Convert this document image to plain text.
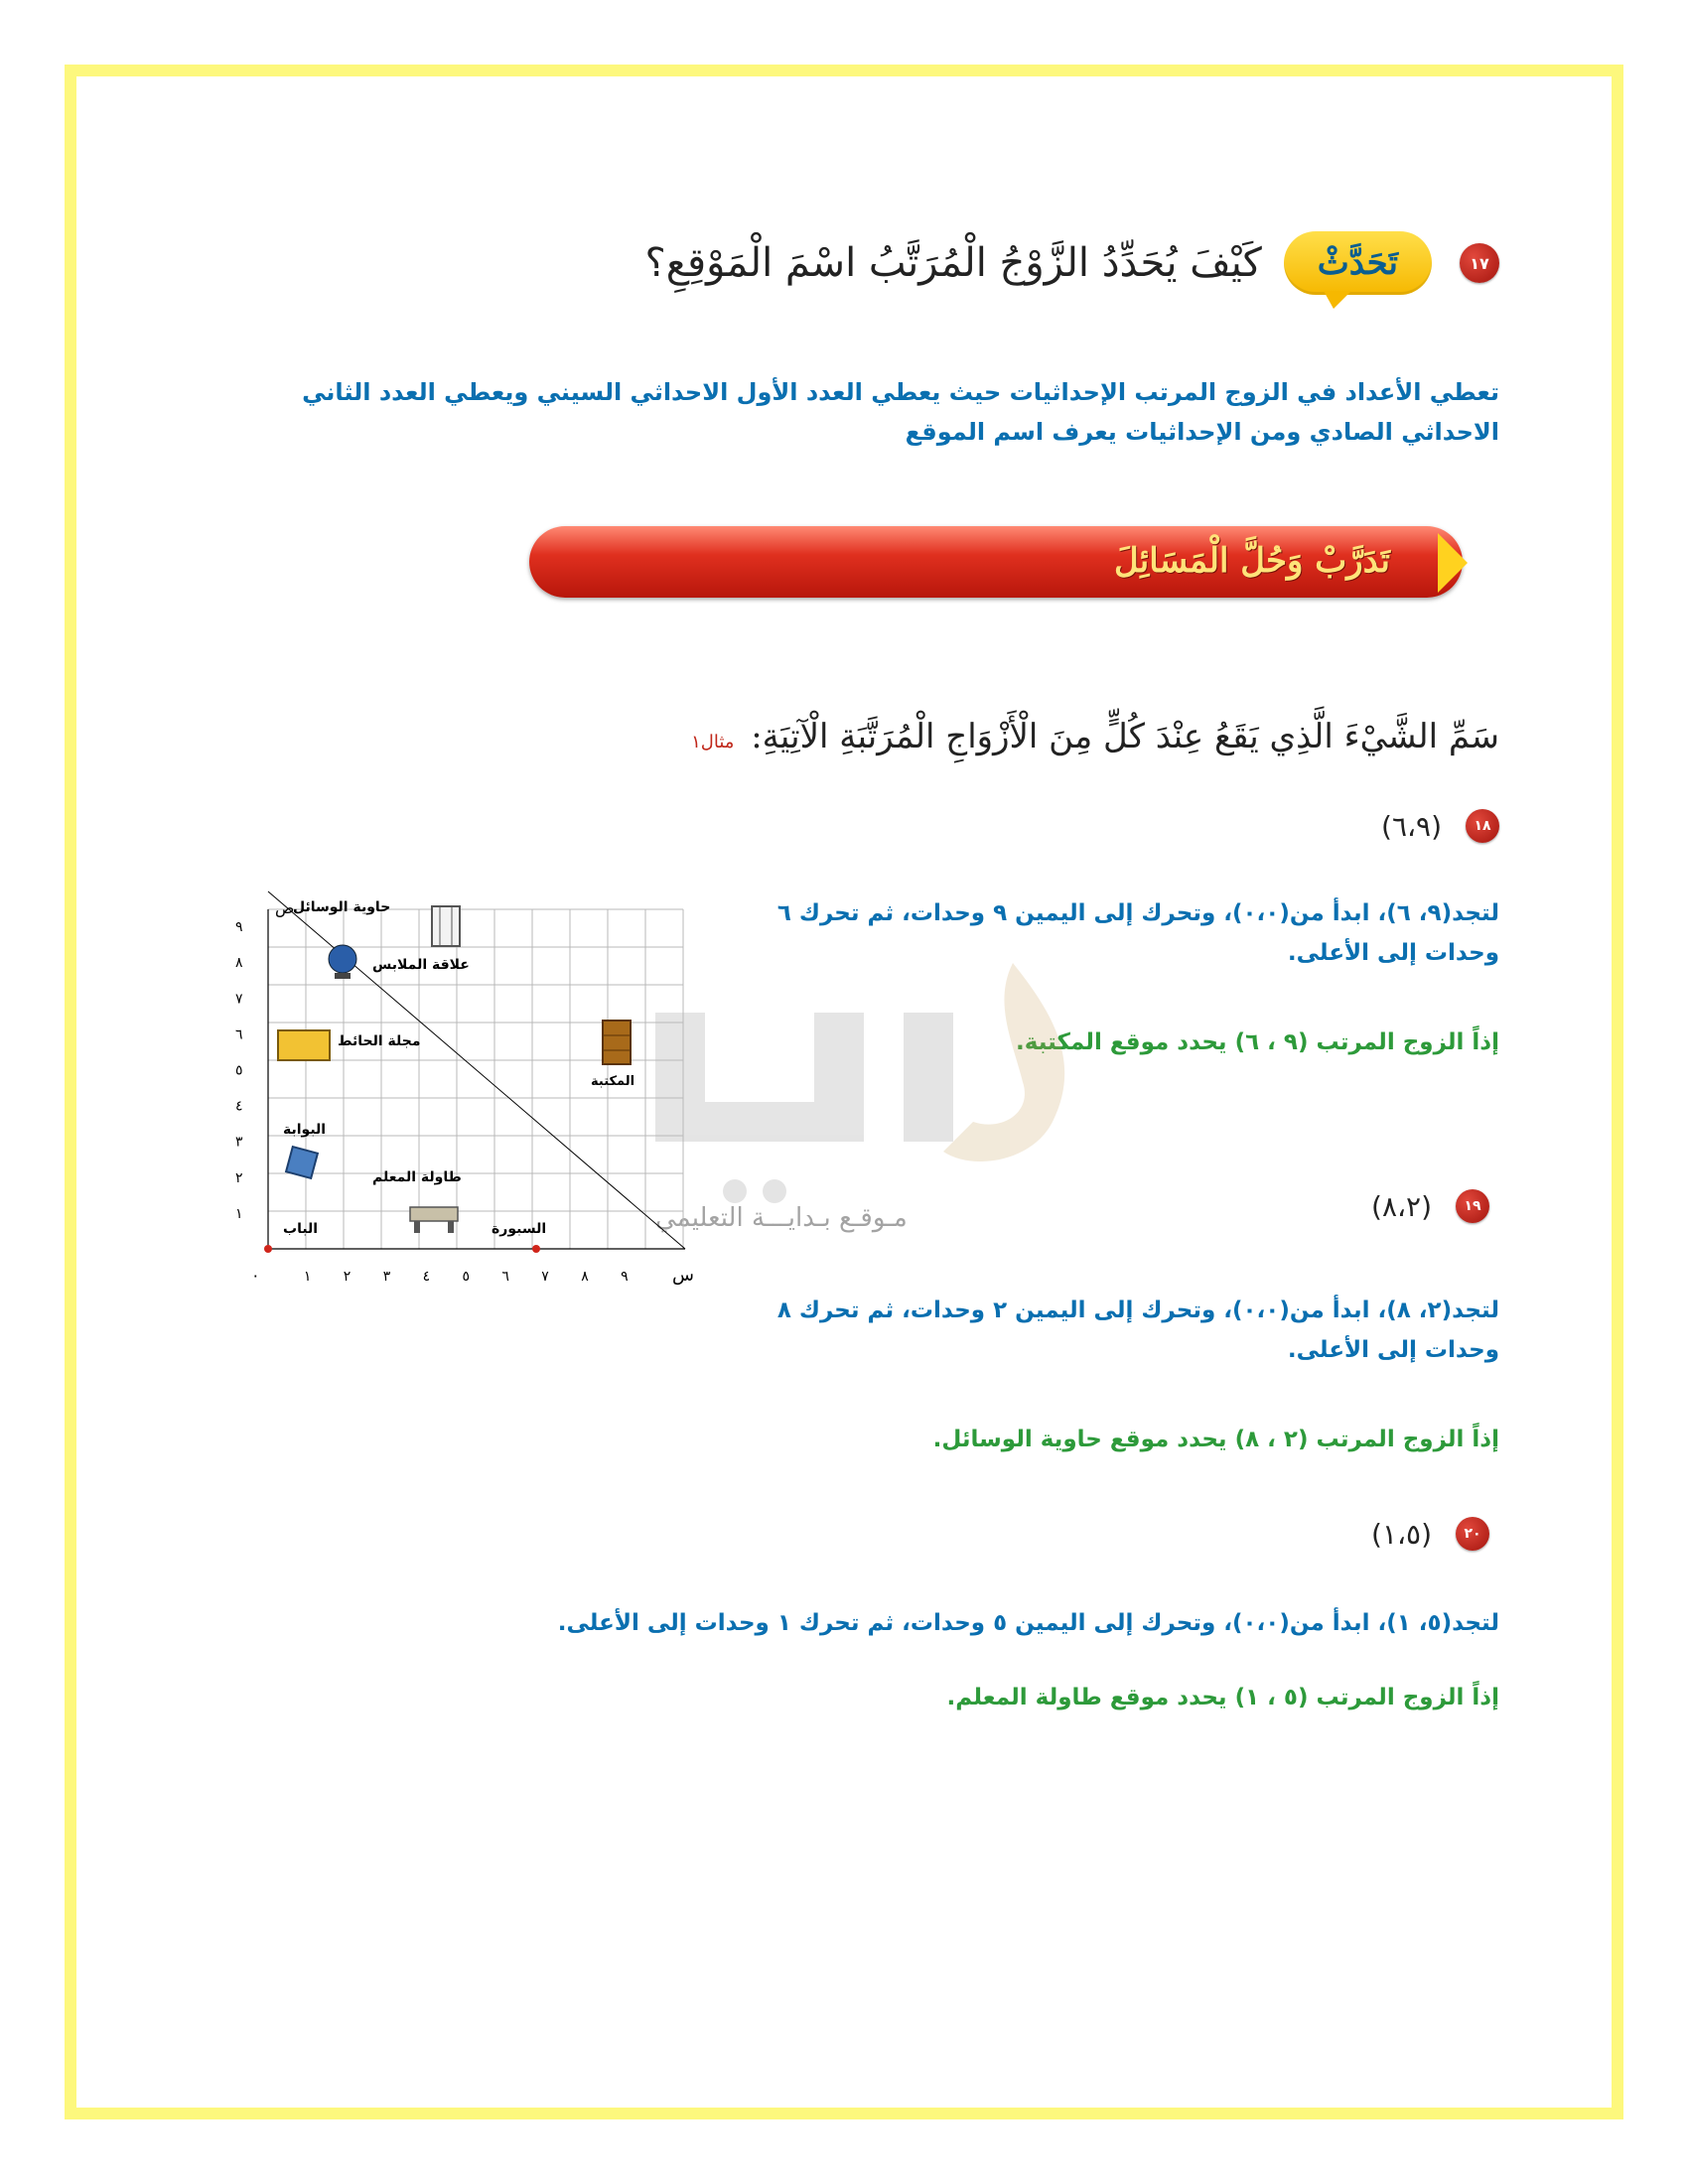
١٧
تَحَدَّثْ
كَيْفَ يُحَدِّدُ الزَّوْجُ الْمُرَتَّبُ اسْمَ الْمَوْقِعِ؟
تعطي الأعداد في الزوج المرتب الإحداثيات حيث يعطي العدد الأول الاحداثي السيني ويعطي العدد الثاني الاحداثي الصادي ومن الإحداثيات يعرف اسم الموقع
تَدَرَّبْ وَحُلَّ الْمَسَائِلَ
سَمِّ الشَّيْءَ الَّذِي يَقَعُ عِنْدَ كُلٍّ مِنَ الْأَزْوَاجِ الْمُرَتَّبَةِ الْآتِيَةِ: مثال١
١٨
(٦،٩)
لتجد(٩، ٦)، ابدأ من(٠،٠)، وتحرك إلى اليمين ٩ وحدات، ثم تحرك ٦ وحدات إلى الأعلى.
إذاً الزوج المرتب (٩ ، ٦) يحدد موقع المكتبة.
١٩
(٨،٢)
لتجد(٢، ٨)، ابدأ من(٠،٠)، وتحرك إلى اليمين ٢ وحدات، ثم تحرك ٨ وحدات إلى الأعلى.
إذاً الزوج المرتب (٢ ، ٨) يحدد موقع حاوية الوسائل.
٢٠
(١،٥)
لتجد(٥، ١)، ابدأ من(٠،٠)، وتحرك إلى اليمين ٥ وحدات، ثم تحرك ١ وحدات إلى الأعلى.
إذاً الزوج المرتب (٥ ، ١) يحدد موقع طاولة المعلم.
مـوقـع بـدايـــة التعليمي
١ ٢ ٣ ٤ ٥ ٦ ٧ ٨ ٩
١
٢
٣
٤
٥
٦
٧
٨
٩
س
ص
٠
حاوية الوسائل
علاقة الملابس
مجلة الحائط
المكتبة
البوابة
طاولة المعلم
الباب	السبورة
